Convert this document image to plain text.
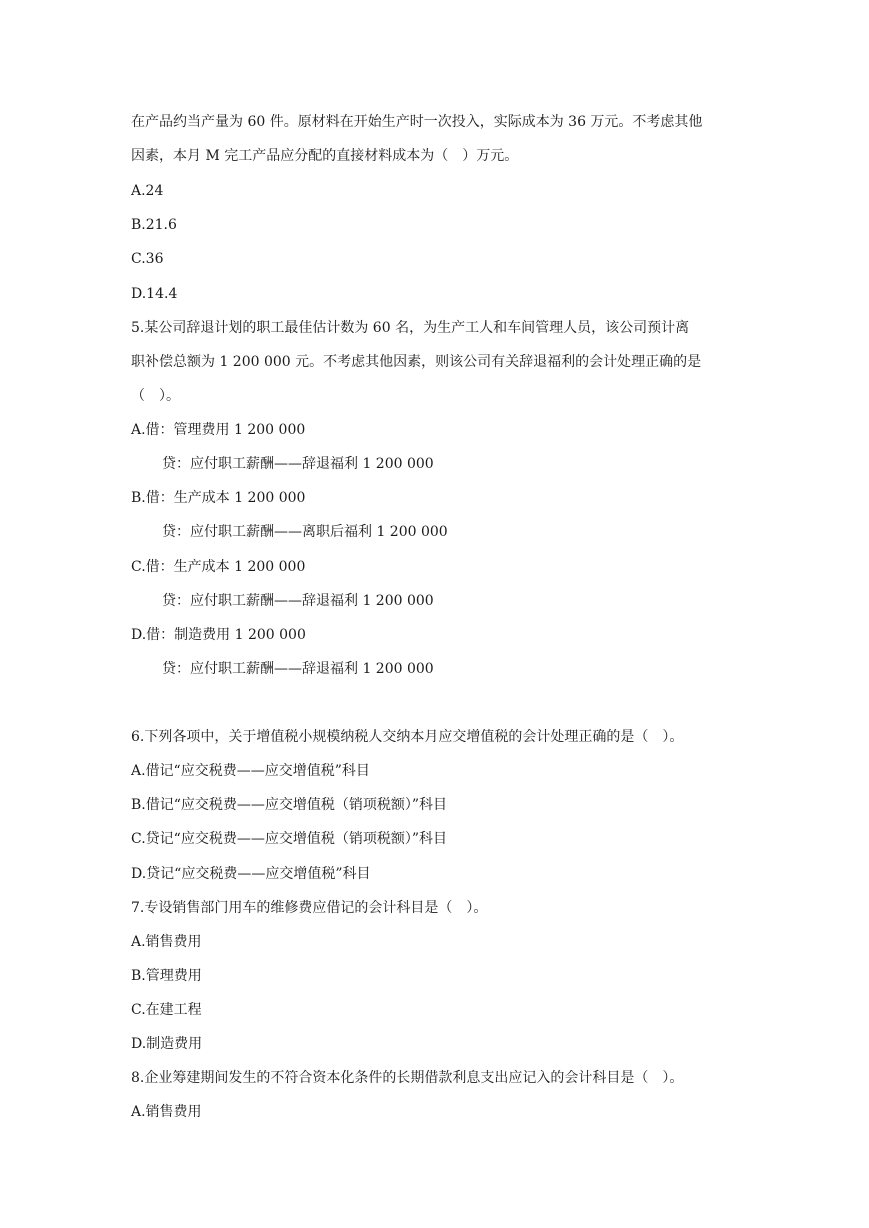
在产品约当产量为 60 件。原材料在开始生产时一次投入，实际成本为 36 万元。不考虑其他
因素，本月 M 完工产品应分配的直接材料成本为（　）万元。
A.24
B.21.6
C.36
D.14.4
5.某公司辞退计划的职工最佳估计数为 60 名，为生产工人和车间管理人员，该公司预计离
职补偿总额为 1 200 000 元。不考虑其他因素，则该公司有关辞退福利的会计处理正确的是
（　）。
A.借：管理费用 1 200 000
贷：应付职工薪酬——辞退福利 1 200 000
B.借：生产成本 1 200 000
贷：应付职工薪酬——离职后福利 1 200 000
C.借：生产成本 1 200 000
贷：应付职工薪酬——辞退福利 1 200 000
D.借：制造费用 1 200 000
贷：应付职工薪酬——辞退福利 1 200 000
6.下列各项中，关于增值税小规模纳税人交纳本月应交增值税的会计处理正确的是（　）。
A.借记“应交税费——应交增值税”科目
B.借记“应交税费——应交增值税（销项税额）”科目
C.贷记“应交税费——应交增值税（销项税额）”科目
D.贷记“应交税费——应交增值税”科目
7.专设销售部门用车的维修费应借记的会计科目是（　）。
A.销售费用
B.管理费用
C.在建工程
D.制造费用
8.企业筹建期间发生的不符合资本化条件的长期借款利息支出应记入的会计科目是（　）。
A.销售费用
